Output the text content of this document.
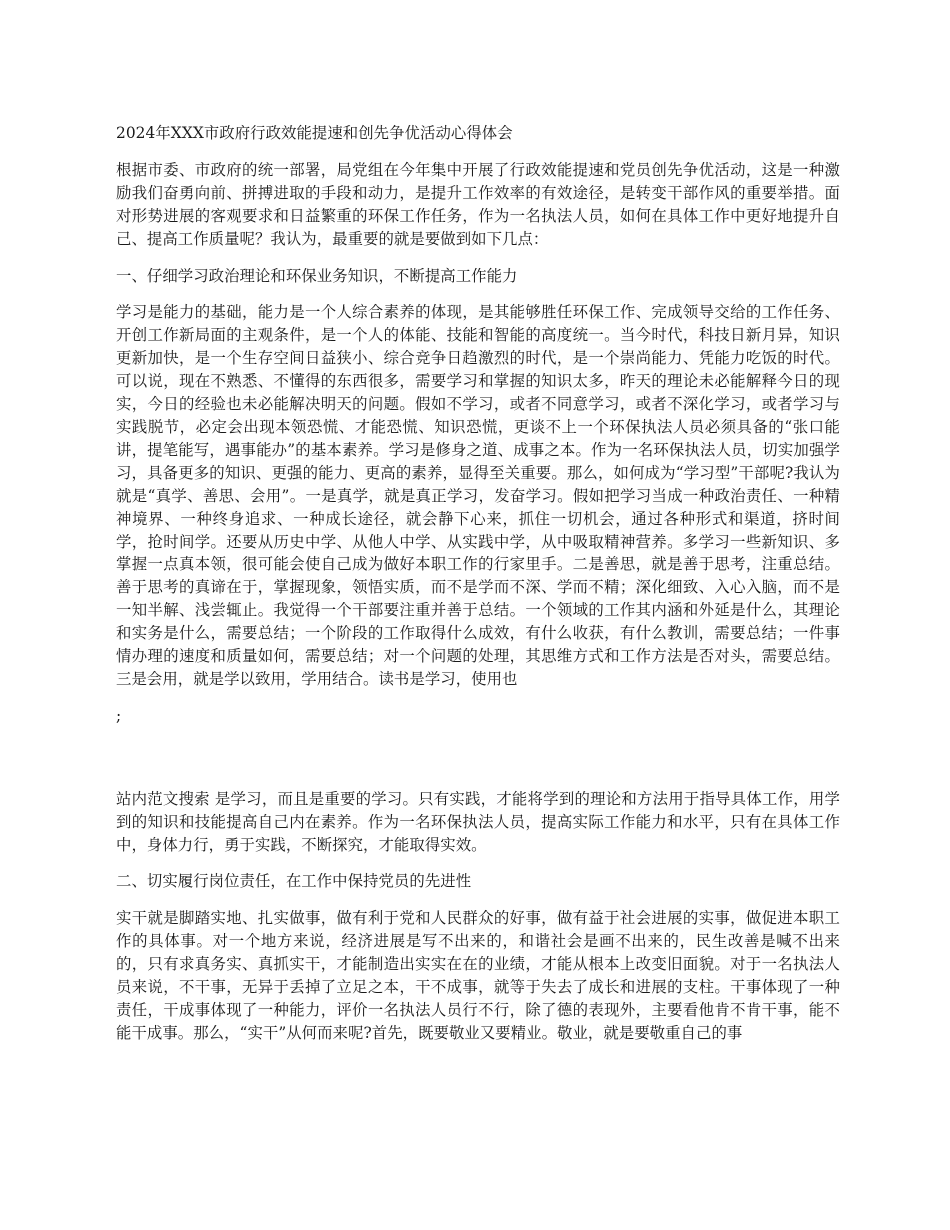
2024年XXX市政府行政效能提速和创先争优活动心得体会

根据市委、市政府的统一部署，局党组在今年集中开展了行政效能提速和党员创先争优活动，这是一种激励我们奋勇向前、拼搏进取的手段和动力，是提升工作效率的有效途径，是转变干部作风的重要举措。面对形势进展的客观要求和日益繁重的环保工作任务，作为一名执法人员，如何在具体工作中更好地提升自己、提高工作质量呢？我认为，最重要的就是要做到如下几点：

一、仔细学习政治理论和环保业务知识，不断提高工作能力

学习是能力的基础，能力是一个人综合素养的体现，是其能够胜任环保工作、完成领导交给的工作任务、开创工作新局面的主观条件，是一个人的体能、技能和智能的高度统一。当今时代，科技日新月异，知识更新加快，是一个生存空间日益狭小、综合竞争日趋激烈的时代，是一个崇尚能力、凭能力吃饭的时代。可以说，现在不熟悉、不懂得的东西很多，需要学习和掌握的知识太多，昨天的理论未必能解释今日的现实，今日的经验也未必能解决明天的问题。假如不学习，或者不同意学习，或者不深化学习，或者学习与实践脱节，必定会出现本领恐慌、才能恐慌、知识恐慌，更谈不上一个环保执法人员必须具备的“张口能讲，提笔能写，遇事能办”的基本素养。学习是修身之道、成事之本。作为一名环保执法人员，切实加强学习，具备更多的知识、更强的能力、更高的素养，显得至关重要。那么，如何成为“学习型”干部呢?我认为就是“真学、善思、会用”。一是真学，就是真正学习，发奋学习。假如把学习当成一种政治责任、一种精神境界、一种终身追求、一种成长途径，就会静下心来，抓住一切机会，通过各种形式和渠道，挤时间学，抢时间学。还要从历史中学、从他人中学、从实践中学，从中吸取精神营养。多学习一些新知识、多掌握一点真本领，很可能会使自己成为做好本职工作的行家里手。二是善思，就是善于思考，注重总结。善于思考的真谛在于，掌握现象，领悟实质，而不是学而不深、学而不精；深化细致、入心入脑，而不是一知半解、浅尝辄止。我觉得一个干部要注重并善于总结。一个领域的工作其内涵和外延是什么，其理论和实务是什么，需要总结；一个阶段的工作取得什么成效，有什么收获，有什么教训，需要总结；一件事情办理的速度和质量如何，需要总结；对一个问题的处理，其思维方式和工作方法是否对头，需要总结。三是会用，就是学以致用，学用结合。读书是学习，使用也

;

站内范文搜索 是学习，而且是重要的学习。只有实践，才能将学到的理论和方法用于指导具体工作，用学到的知识和技能提高自己内在素养。作为一名环保执法人员，提高实际工作能力和水平，只有在具体工作中，身体力行，勇于实践，不断探究，才能取得实效。

二、切实履行岗位责任，在工作中保持党员的先进性

实干就是脚踏实地、扎实做事，做有利于党和人民群众的好事，做有益于社会进展的实事，做促进本职工作的具体事。对一个地方来说，经济进展是写不出来的，和谐社会是画不出来的，民生改善是喊不出来的，只有求真务实、真抓实干，才能制造出实实在在的业绩，才能从根本上改变旧面貌。对于一名执法人员来说，不干事，无异于丢掉了立足之本，干不成事，就等于失去了成长和进展的支柱。干事体现了一种责任，干成事体现了一种能力，评价一名执法人员行不行，除了德的表现外，主要看他肯不肯干事，能不能干成事。那么，“实干”从何而来呢?首先，既要敬业又要精业。敬业，就是要敬重自己的事
